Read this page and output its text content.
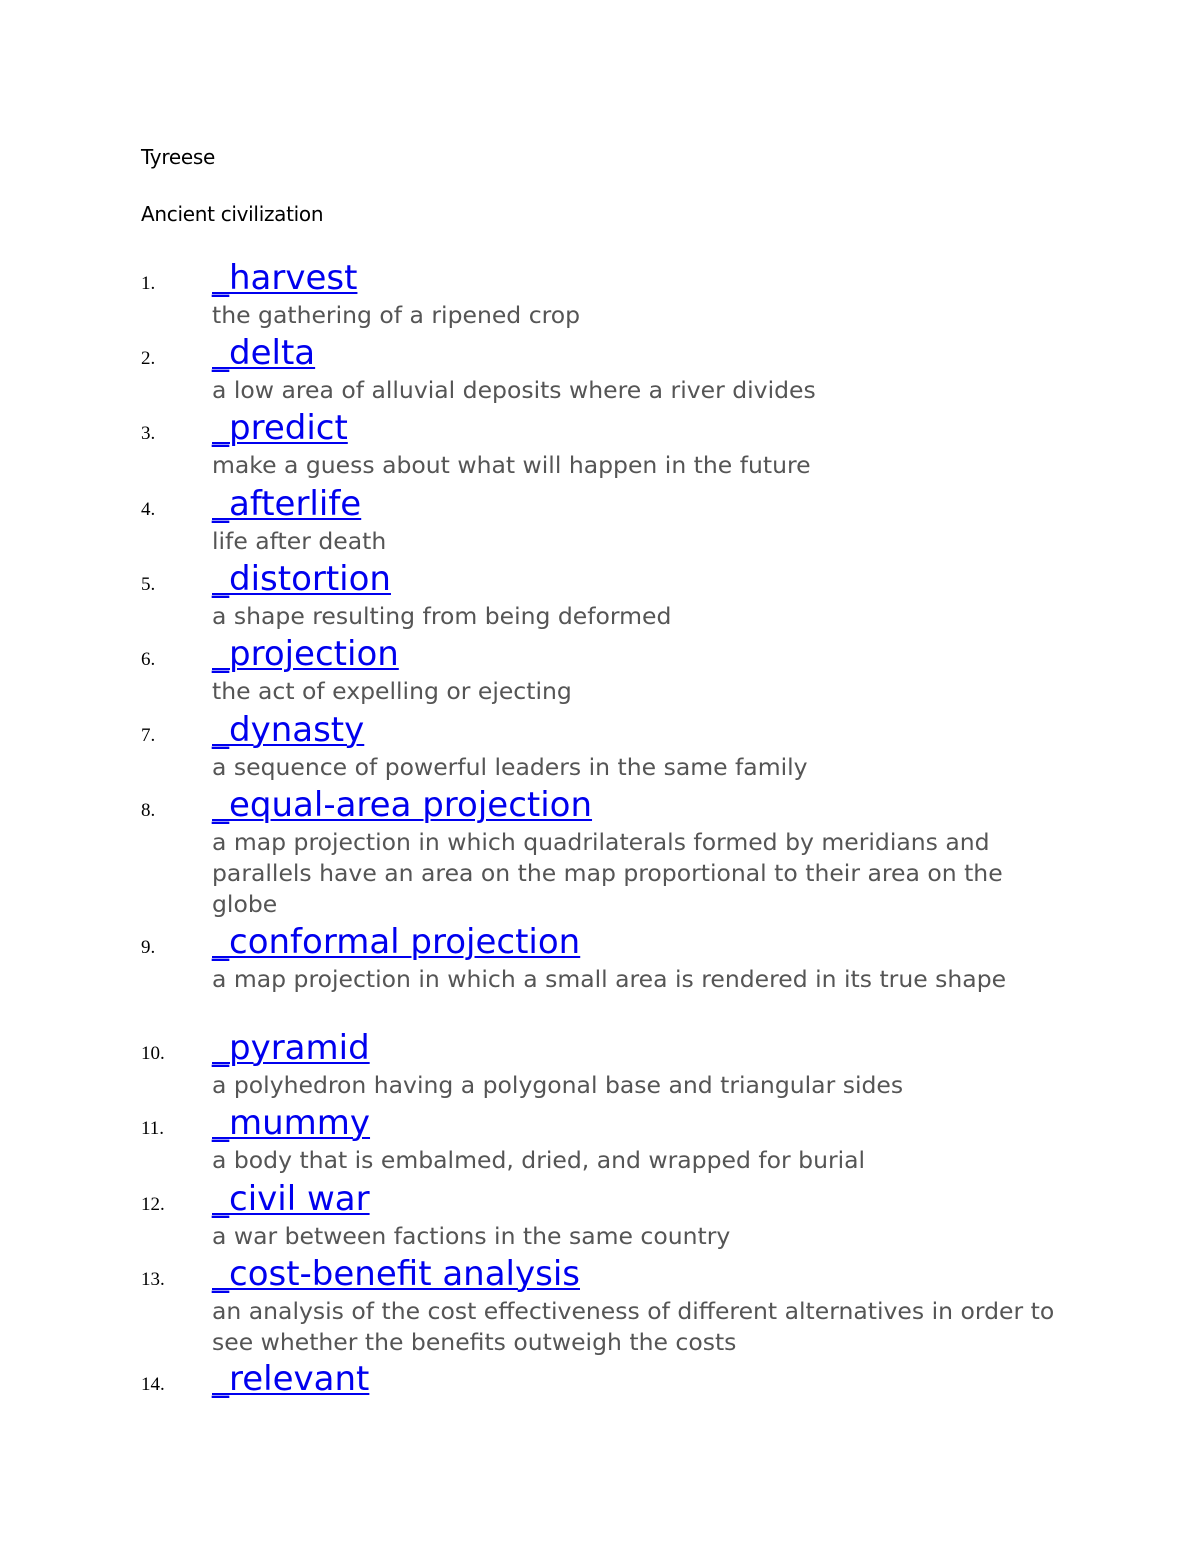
Tyreese
Ancient civilization
1.	_harvest
the gathering of a ripened crop
2.	_delta
a low area of alluvial deposits where a river divides
3.	_predict
make a guess about what will happen in the future
4.	_afterlife
life after death
5.	_distortion
a shape resulting from being deformed
6.	_projection
the act of expelling or ejecting
7.	_dynasty
a sequence of powerful leaders in the same family
8.	_equal-area projection
a map projection in which quadrilaterals formed by meridians and parallels have an area on the map proportional to their area on the globe
9.	_conformal projection
a map projection in which a small area is rendered in its true shape
10.	_pyramid
a polyhedron having a polygonal base and triangular sides
11.	_mummy
a body that is embalmed, dried, and wrapped for burial
12.	_civil war
a war between factions in the same country
13.	_cost-benefit analysis
an analysis of the cost effectiveness of different alternatives in order to see whether the benefits outweigh the costs
14.	_relevant
